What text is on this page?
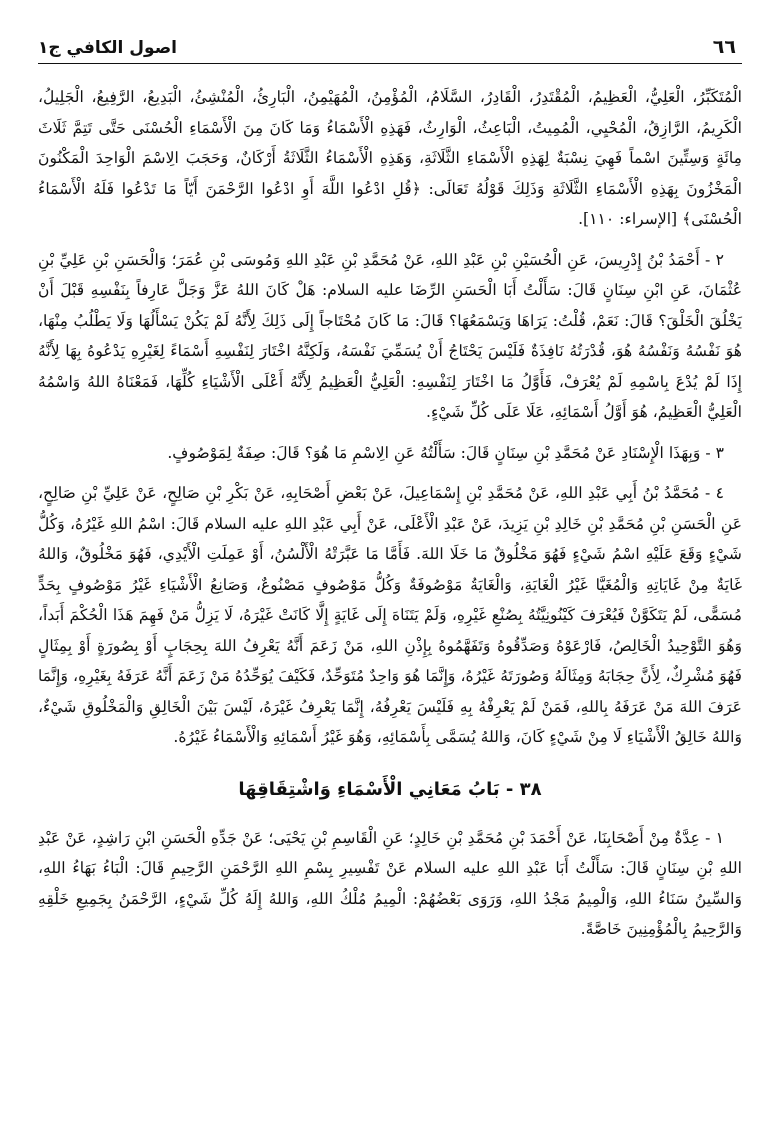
٦٦
اصول الكافي ج١

الْمُتَكَبِّرُ، الْعَلِيُّ، الْعَظِيمُ، الْمُقْتَدِرُ، الْقَادِرُ، السَّلَامُ، الْمُؤْمِنُ، الْمُهَيْمِنُ، الْبَارِئُ، الْمُنْشِئُ، الْبَدِيعُ، الرَّفِيعُ، الْجَلِيلُ، الْكَرِيمُ، الرَّازِقُ، الْمُحْيِي، الْمُمِيتُ، الْبَاعِثُ، الْوَارِثُ، فَهَذِهِ الْأَسْمَاءُ وَمَا كَانَ مِنَ الْأَسْمَاءِ الْحُسْنَى حَتَّى تَتِمَّ ثَلَاثَ مِائَةٍ وَسِتِّينَ اسْماً فَهِيَ نِسْبَةٌ لِهَذِهِ الْأَسْمَاءِ الثَّلَاثَةِ، وَهَذِهِ الْأَسْمَاءُ الثَّلَاثَةُ أَرْكَانٌ، وَحَجَبَ الِاسْمَ الْوَاحِدَ الْمَكْنُونَ الْمَخْزُونَ بِهَذِهِ الْأَسْمَاءِ الثَّلَاثَةِ وَذَلِكَ قَوْلُهُ تَعَالَى: ﴿قُلِ ادْعُوا اللَّهَ أَوِ ادْعُوا الرَّحْمَنَ أَيّاً مَا تَدْعُوا فَلَهُ الْأَسْمَاءُ الْحُسْنَى﴾ [الإسراء: ١١٠].

٢ - أَحْمَدُ بْنُ إِدْرِيسَ، عَنِ الْحُسَيْنِ بْنِ عَبْدِ اللهِ، عَنْ مُحَمَّدِ بْنِ عَبْدِ اللهِ وَمُوسَى بْنِ عُمَرَ؛ وَالْحَسَنِ بْنِ عَلِيِّ بْنِ عُثْمَانَ، عَنِ ابْنِ سِنَانٍ قَالَ: سَأَلْتُ أَبَا الْحَسَنِ الرِّضَا عليه السلام: هَلْ كَانَ اللهُ عَزَّ وَجَلَّ عَارِفاً بِنَفْسِهِ قَبْلَ أَنْ يَخْلُقَ الْخَلْقَ؟ قَالَ: نَعَمْ، قُلْتُ: يَرَاهَا وَيَسْمَعُهَا؟ قَالَ: مَا كَانَ مُحْتَاجاً إِلَى ذَلِكَ لِأَنَّهُ لَمْ يَكُنْ يَسْأَلُهَا وَلَا يَطْلُبُ مِنْهَا، هُوَ نَفْسُهُ وَنَفْسُهُ هُوَ، قُدْرَتُهُ نَافِذَةٌ فَلَيْسَ يَحْتَاجُ أَنْ يُسَمِّيَ نَفْسَهُ، وَلَكِنَّهُ اخْتَارَ لِنَفْسِهِ أَسْمَاءً لِغَيْرِهِ يَدْعُوهُ بِهَا لِأَنَّهُ إِذَا لَمْ يُدْعَ بِاسْمِهِ لَمْ يُعْرَفْ، فَأَوَّلُ مَا اخْتَارَ لِنَفْسِهِ: الْعَلِيُّ الْعَظِيمُ لِأَنَّهُ أَعْلَى الْأَشْيَاءِ كُلِّهَا، فَمَعْنَاهُ اللهُ وَاسْمُهُ الْعَلِيُّ الْعَظِيمُ، هُوَ أَوَّلُ أَسْمَائِهِ، عَلَا عَلَى كُلِّ شَيْءٍ.

٣ - وَبِهَذَا الْإِسْنَادِ عَنْ مُحَمَّدِ بْنِ سِنَانٍ قَالَ: سَأَلْتُهُ عَنِ الِاسْمِ مَا هُوَ؟ قَالَ: صِفَةٌ لِمَوْصُوفٍ.

٤ - مُحَمَّدُ بْنُ أَبِي عَبْدِ اللهِ، عَنْ مُحَمَّدِ بْنِ إِسْمَاعِيلَ، عَنْ بَعْضِ أَصْحَابِهِ، عَنْ بَكْرِ بْنِ صَالِحٍ، عَنْ عَلِيِّ بْنِ صَالِحٍ، عَنِ الْحَسَنِ بْنِ مُحَمَّدِ بْنِ خَالِدِ بْنِ يَزِيدَ، عَنْ عَبْدِ الْأَعْلَى، عَنْ أَبِي عَبْدِ اللهِ عليه السلام قَالَ: اسْمُ اللهِ غَيْرُهُ، وَكُلُّ شَيْءٍ وَقَعَ عَلَيْهِ اسْمُ شَيْءٍ فَهُوَ مَخْلُوقٌ مَا خَلَا اللهَ. فَأَمَّا مَا عَبَّرَتْهُ الْأَلْسُنُ، أَوْ عَمِلَتِ الْأَيْدِي، فَهُوَ مَخْلُوقٌ، وَاللهُ غَايَةٌ مِنْ غَايَاتِهِ وَالْمُغَيَّا غَيْرُ الْغَايَةِ، وَالْغَايَةُ مَوْصُوفَةٌ وَكُلُّ مَوْصُوفٍ مَصْنُوعٌ، وَصَانِعُ الْأَشْيَاءِ غَيْرُ مَوْصُوفٍ بِحَدٍّ مُسَمًّى، لَمْ يَتَكَوَّنْ فَيُعْرَفَ كَيْنُونِيَّتُهُ بِصُنْعِ غَيْرِهِ، وَلَمْ يَتَنَاهَ إِلَى غَايَةٍ إِلَّا كَانَتْ غَيْرَهُ، لَا يَزِلُّ مَنْ فَهِمَ هَذَا الْحُكْمَ أَبَداً، وَهُوَ التَّوْحِيدُ الْخَالِصُ، فَارْعَوْهُ وَصَدِّقُوهُ وَتَفَهَّمُوهُ بِإِذْنِ اللهِ، مَنْ زَعَمَ أَنَّهُ يَعْرِفُ اللهَ بِحِجَابٍ أَوْ بِصُورَةٍ أَوْ بِمِثَالٍ فَهُوَ مُشْرِكٌ، لِأَنَّ حِجَابَهُ وَمِثَالَهُ وَصُورَتَهُ غَيْرُهُ، وَإِنَّمَا هُوَ وَاحِدٌ مُتَوَحِّدٌ، فَكَيْفَ يُوَحِّدُهُ مَنْ زَعَمَ أَنَّهُ عَرَفَهُ بِغَيْرِهِ، وَإِنَّمَا عَرَفَ اللهَ مَنْ عَرَفَهُ بِاللهِ، فَمَنْ لَمْ يَعْرِفْهُ بِهِ فَلَيْسَ يَعْرِفُهُ، إِنَّمَا يَعْرِفُ غَيْرَهُ، لَيْسَ بَيْنَ الْخَالِقِ وَالْمَخْلُوقِ شَيْءٌ، وَاللهُ خَالِقُ الْأَشْيَاءِ لَا مِنْ شَيْءٍ كَانَ، وَاللهُ يُسَمَّى بِأَسْمَائِهِ، وَهُوَ غَيْرُ أَسْمَائِهِ وَالْأَسْمَاءُ غَيْرُهُ.

٣٨ - بَابُ مَعَانِي الْأَسْمَاءِ وَاشْتِقَاقِهَا

١ - عِدَّةٌ مِنْ أَصْحَابِنَا، عَنْ أَحْمَدَ بْنِ مُحَمَّدِ بْنِ خَالِدٍ؛ عَنِ الْقَاسِمِ بْنِ يَحْيَى؛ عَنْ جَدِّهِ الْحَسَنِ ابْنِ رَاشِدٍ، عَنْ عَبْدِ اللهِ بْنِ سِنَانٍ قَالَ: سَأَلْتُ أَبَا عَبْدِ اللهِ عليه السلام عَنْ تَفْسِيرِ بِسْمِ اللهِ الرَّحْمَنِ الرَّحِيمِ قَالَ: الْبَاءُ بَهَاءُ اللهِ، وَالسِّينُ سَنَاءُ اللهِ، وَالْمِيمُ مَجْدُ اللهِ، وَرَوَى بَعْضُهُمْ: الْمِيمُ مُلْكُ اللهِ، وَاللهُ إِلَهُ كُلِّ شَيْءٍ، الرَّحْمَنُ بِجَمِيعِ خَلْقِهِ وَالرَّحِيمُ بِالْمُؤْمِنِينَ خَاصَّةً.
